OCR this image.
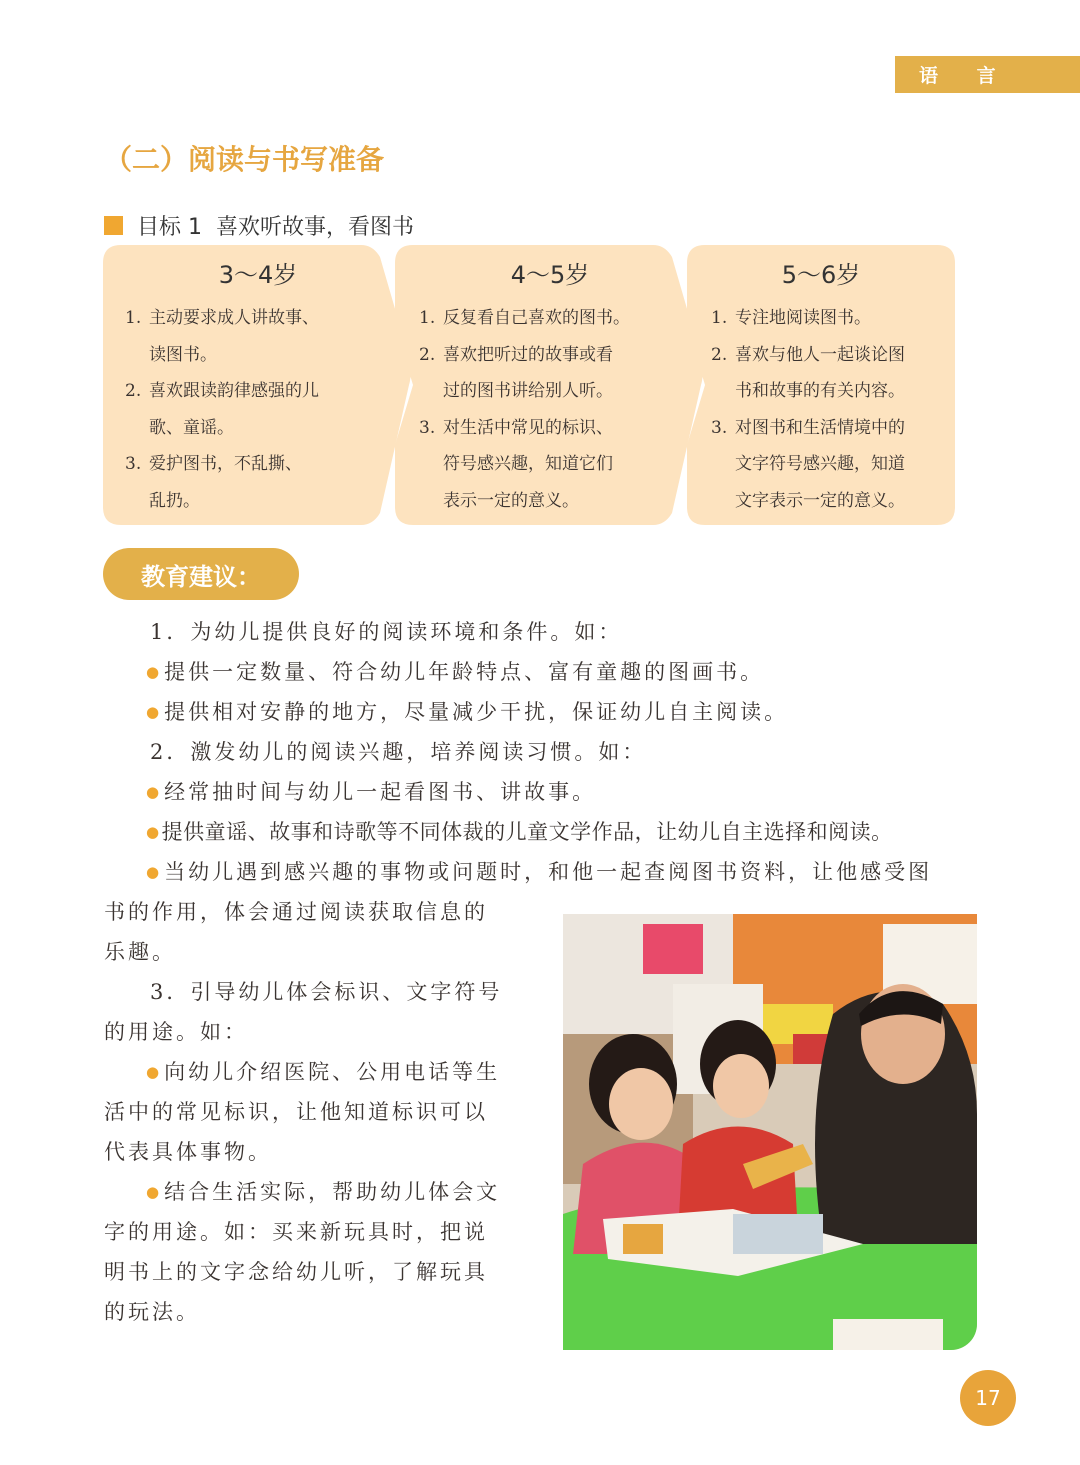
语 言
（二）阅读与书写准备
目标 1 喜欢听故事，看图书
3～4岁
1. 主动要求成人讲故事、
读图书。
2. 喜欢跟读韵律感强的儿
歌、童谣。
3. 爱护图书，不乱撕、
乱扔。
4～5岁
1. 反复看自己喜欢的图书。
2. 喜欢把听过的故事或看
过的图书讲给别人听。
3. 对生活中常见的标识、
符号感兴趣，知道它们
表示一定的意义。
5～6岁
1. 专注地阅读图书。
2. 喜欢与他人一起谈论图
书和故事的有关内容。
3. 对图书和生活情境中的
文字符号感兴趣，知道
文字表示一定的意义。
教育建议：
1．为幼儿提供良好的阅读环境和条件。如：
● 提供一定数量、符合幼儿年龄特点、富有童趣的图画书。
● 提供相对安静的地方，尽量减少干扰，保证幼儿自主阅读。
2．激发幼儿的阅读兴趣，培养阅读习惯。如：
● 经常抽时间与幼儿一起看图书、讲故事。
● 提供童谣、故事和诗歌等不同体裁的儿童文学作品，让幼儿自主选择和阅读。
● 当幼儿遇到感兴趣的事物或问题时，和他一起查阅图书资料，让他感受图
书的作用，体会通过阅读获取信息的
乐趣。
3．引导幼儿体会标识、文字符号
的用途。如：
● 向幼儿介绍医院、公用电话等生
活中的常见标识，让他知道标识可以
代表具体事物。
● 结合生活实际，帮助幼儿体会文
字的用途。如：买来新玩具时，把说
明书上的文字念给幼儿听，了解玩具
的玩法。
17
